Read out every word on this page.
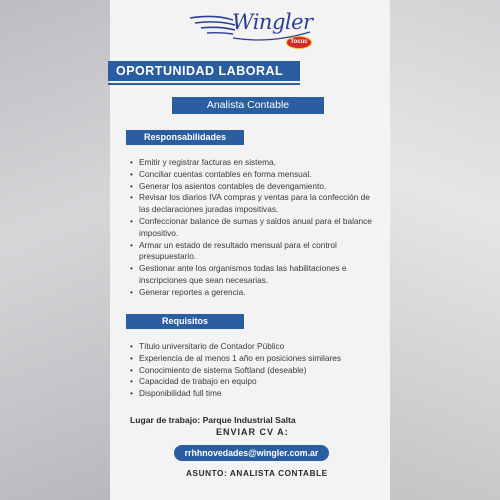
Wingler
Tocuc
OPORTUNIDAD LABORAL
Analista Contable
Responsabilidades
• Emitir y registrar facturas en sistema.
• Conciliar cuentas contables en forma mensual.
• Generar los asientos contables de devengamiento.
• Revisar los diarios IVA compras y ventas para la confección de las declaraciones juradas impositivas.
• Confeccionar balance de sumas y saldos anual para el balance impositivo.
• Armar un estado de resultado mensual para el control presupuestario.
• Gestionar ante los organismos todas las habilitaciones e inscripciones que sean necesarias.
• Generar reportes a gerencia.
Requisitos
• Título universitario de Contador Público
• Experiencia de al menos 1 año en posiciones similares
• Conocimiento de sistema Softland (deseable)
• Capacidad de trabajo en equipo
• Disponibilidad full time
Lugar de trabajo: Parque Industrial Salta
ENVIAR CV A:
rrhhnovedades@wingler.com.ar
ASUNTO: ANALISTA CONTABLE
